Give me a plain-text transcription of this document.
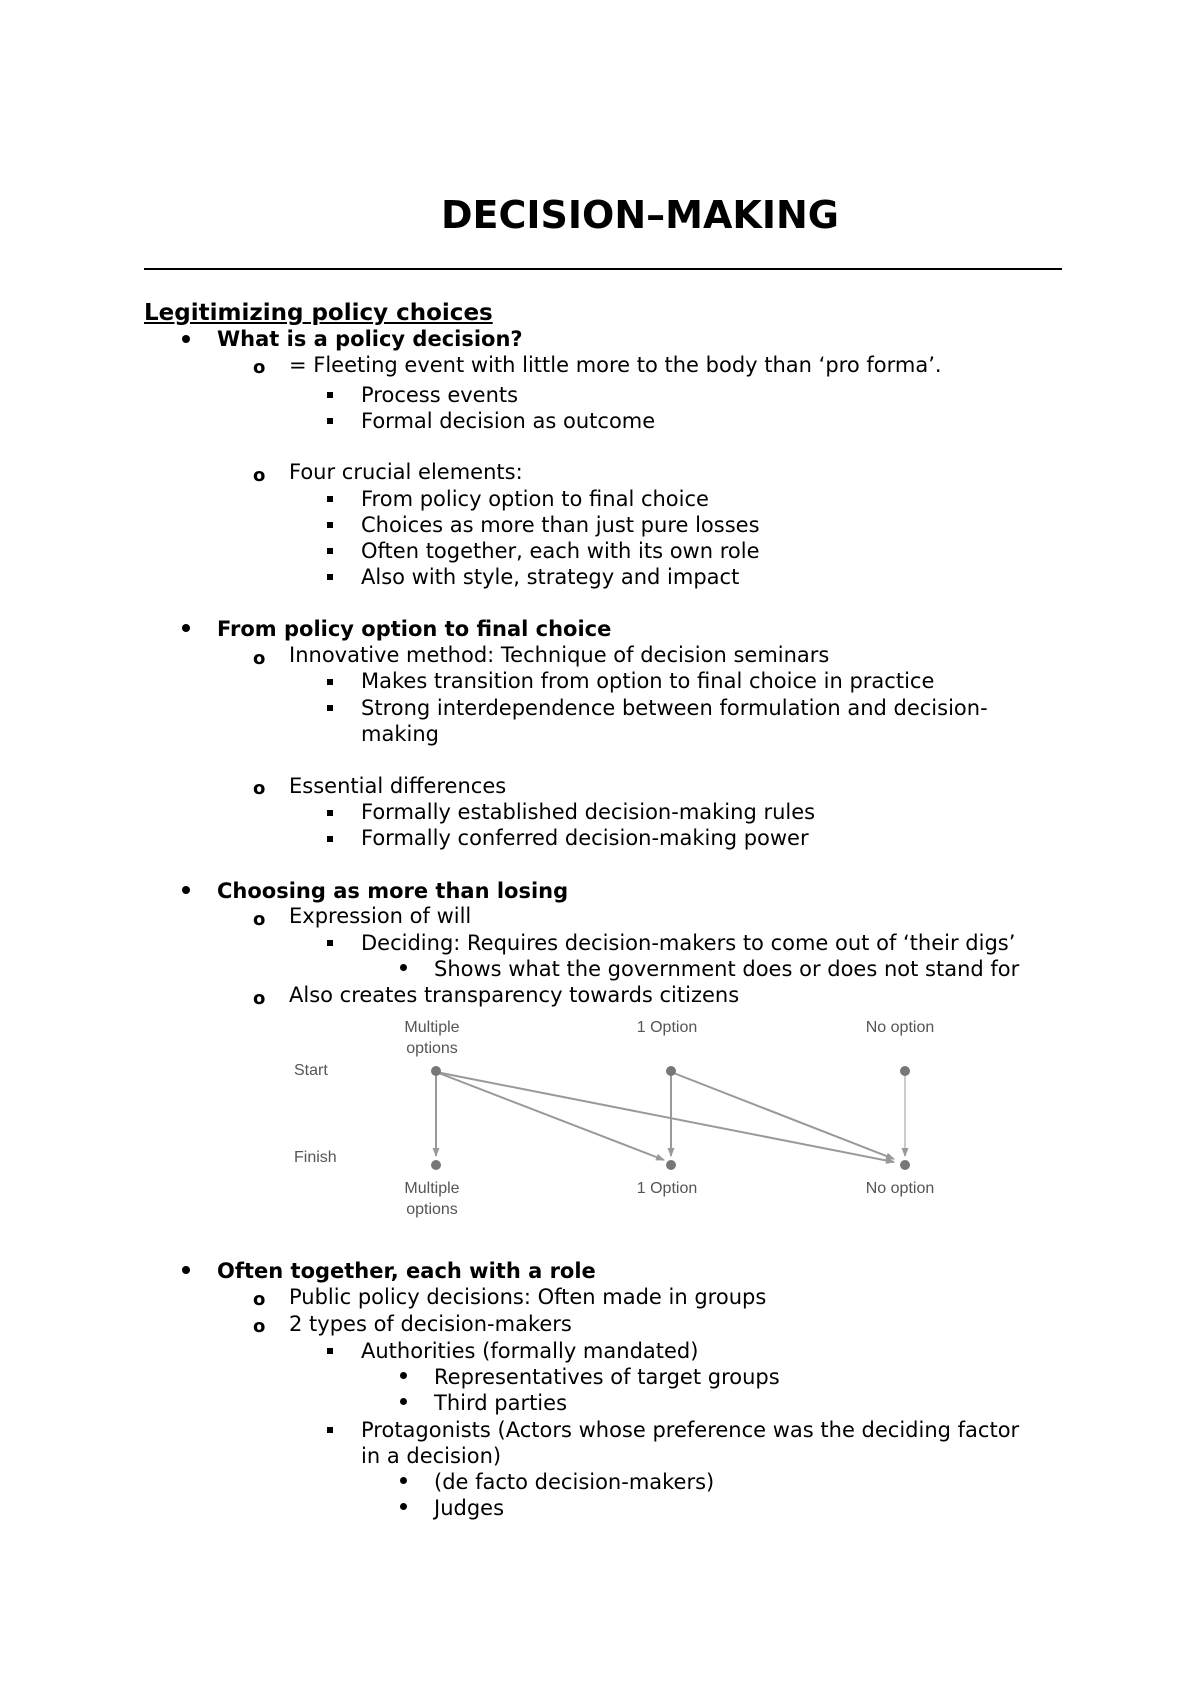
DECISION–MAKING
Legitimizing policy choices
What is a policy decision?
o = Fleeting event with little more to the body than ‘pro forma’.
Process events
Formal decision as outcome
o Four crucial elements:
From policy option to final choice
Choices as more than just pure losses
Often together, each with its own role
Also with style, strategy and impact
From policy option to final choice
o Innovative method: Technique of decision seminars
Makes transition from option to final choice in practice
Strong interdependence between formulation and decision-
making
o Essential differences
Formally established decision-making rules
Formally conferred decision-making power
Choosing as more than losing
o Expression of will
Deciding: Requires decision-makers to come out of ‘their digs’
Shows what the government does or does not stand for
o Also creates transparency towards citizens
Multiple
options
1 Option	No option
Start
Finish
Multiple
options
1 Option	No option
Often together, each with a role
o Public policy decisions: Often made in groups
o 2 types of decision-makers
Authorities (formally mandated)
Representatives of target groups
Third parties
Protagonists (Actors whose preference was the deciding factor
in a decision)
(de facto decision-makers)
Judges
